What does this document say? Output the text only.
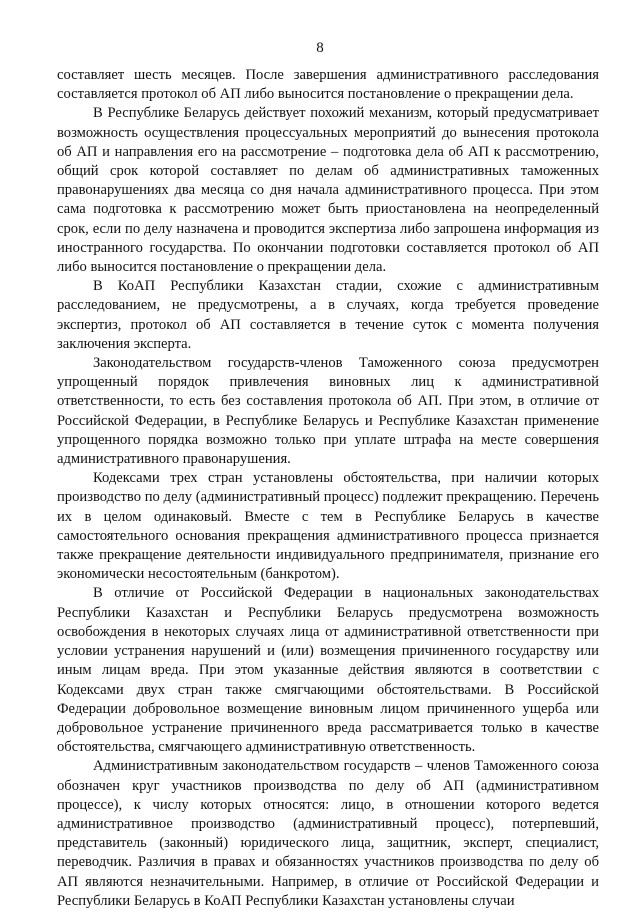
8

составляет шесть месяцев. После завершения административного расследования составляется протокол об АП либо выносится постановление о прекращении дела.

В Республике Беларусь действует похожий механизм, который предусматривает возможность осуществления процессуальных мероприятий до вынесения протокола об АП и направления его на рассмотрение – подготовка дела об АП к рассмотрению, общий срок которой составляет по делам об административных таможенных правонарушениях два месяца со дня начала административного процесса. При этом сама подготовка к рассмотрению может быть приостановлена на неопределенный срок, если по делу назначена и проводится экспертиза либо запрошена информация из иностранного государства. По окончании подготовки составляется протокол об АП либо выносится постановление о прекращении дела.

В КоАП Республики Казахстан стадии, схожие с административным расследованием, не предусмотрены, а в случаях, когда требуется проведение экспертиз, протокол об АП составляется в течение суток с момента получения заключения эксперта.

Законодательством государств-членов Таможенного союза предусмотрен упрощенный порядок привлечения виновных лиц к административной ответственности, то есть без составления протокола об АП. При этом, в отличие от Российской Федерации, в Республике Беларусь и Республике Казахстан применение упрощенного порядка возможно только при уплате штрафа на месте совершения административного правонарушения.

Кодексами трех стран установлены обстоятельства, при наличии которых производство по делу (административный процесс) подлежит прекращению. Перечень их в целом одинаковый. Вместе с тем в Республике Беларусь в качестве самостоятельного основания прекращения административного процесса признается также прекращение деятельности индивидуального предпринимателя, признание его экономически несостоятельным (банкротом).

В отличие от Российской Федерации в национальных законодательствах Республики Казахстан и Республики Беларусь предусмотрена возможность освобождения в некоторых случаях лица от административной ответственности при условии устранения нарушений и (или) возмещения причиненного государству или иным лицам вреда. При этом указанные действия являются в соответствии с Кодексами двух стран также смягчающими обстоятельствами. В Российской Федерации добровольное возмещение виновным лицом причиненного ущерба или добровольное устранение причиненного вреда рассматривается только в качестве обстоятельства, смягчающего административную ответственность.

Административным законодательством государств – членов Таможенного союза обозначен круг участников производства по делу об АП (административном процессе), к числу которых относятся: лицо, в отношении которого ведется административное производство (административный процесс), потерпевший, представитель (законный) юридического лица, защитник, эксперт, специалист, переводчик. Различия в правах и обязанностях участников производства по делу об АП являются незначительными. Например, в отличие от Российской Федерации и Республики Беларусь в КоАП Республики Казахстан установлены случаи
